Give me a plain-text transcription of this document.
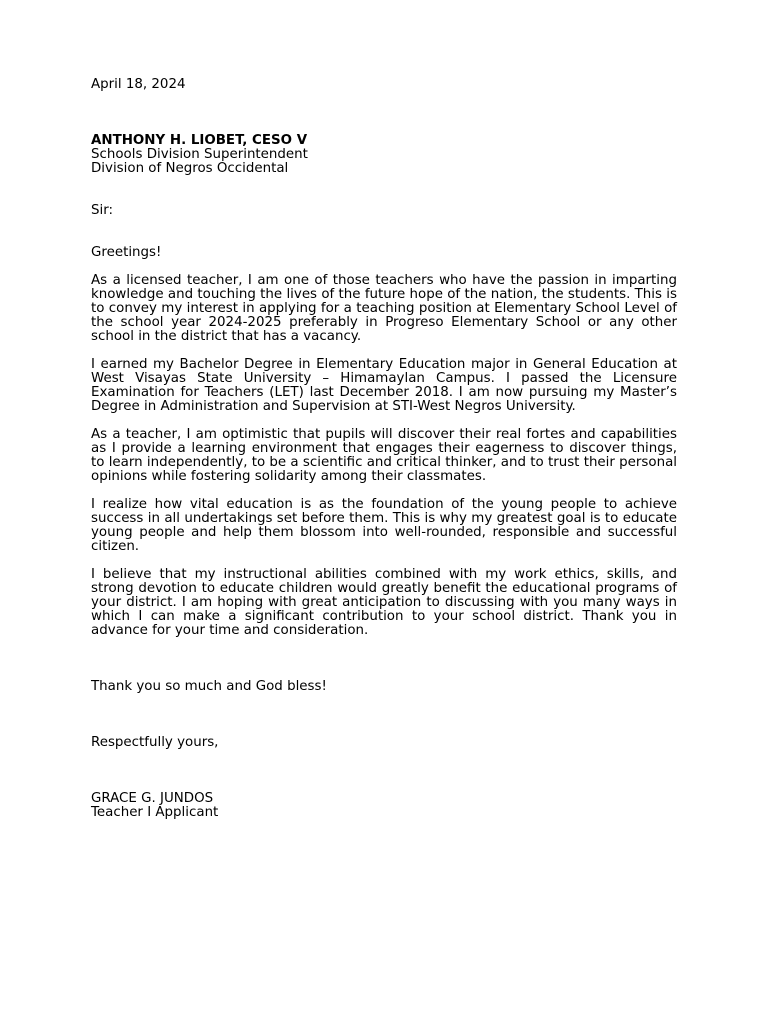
April 18, 2024

ANTHONY H. LIOBET, CESO V
Schools Division Superintendent
Division of Negros Occidental

Sir:

Greetings!

As a licensed teacher, I am one of those teachers who have the passion in imparting knowledge and touching the lives of the future hope of the nation, the students. This is to convey my interest in applying for a teaching position at Elementary School Level of the school year 2024-2025 preferably in Progreso Elementary School or any other school in the district that has a vacancy.

I earned my Bachelor Degree in Elementary Education major in General Education at West Visayas State University – Himamaylan Campus. I passed the Licensure Examination for Teachers (LET) last December 2018. I am now pursuing my Master’s Degree in Administration and Supervision at STI-West Negros University.

As a teacher, I am optimistic that pupils will discover their real fortes and capabilities as I provide a learning environment that engages their eagerness to discover things, to learn independently, to be a scientific and critical thinker, and to trust their personal opinions while fostering solidarity among their classmates.

I realize how vital education is as the foundation of the young people to achieve success in all undertakings set before them. This is why my greatest goal is to educate young people and help them blossom into well-rounded, responsible and successful citizen.

I believe that my instructional abilities combined with my work ethics, skills, and strong devotion to educate children would greatly benefit the educational programs of your district. I am hoping with great anticipation to discussing with you many ways in which I can make a significant contribution to your school district. Thank you in advance for your time and consideration.

Thank you so much and God bless!

Respectfully yours,

GRACE G. JUNDOS
Teacher I Applicant
